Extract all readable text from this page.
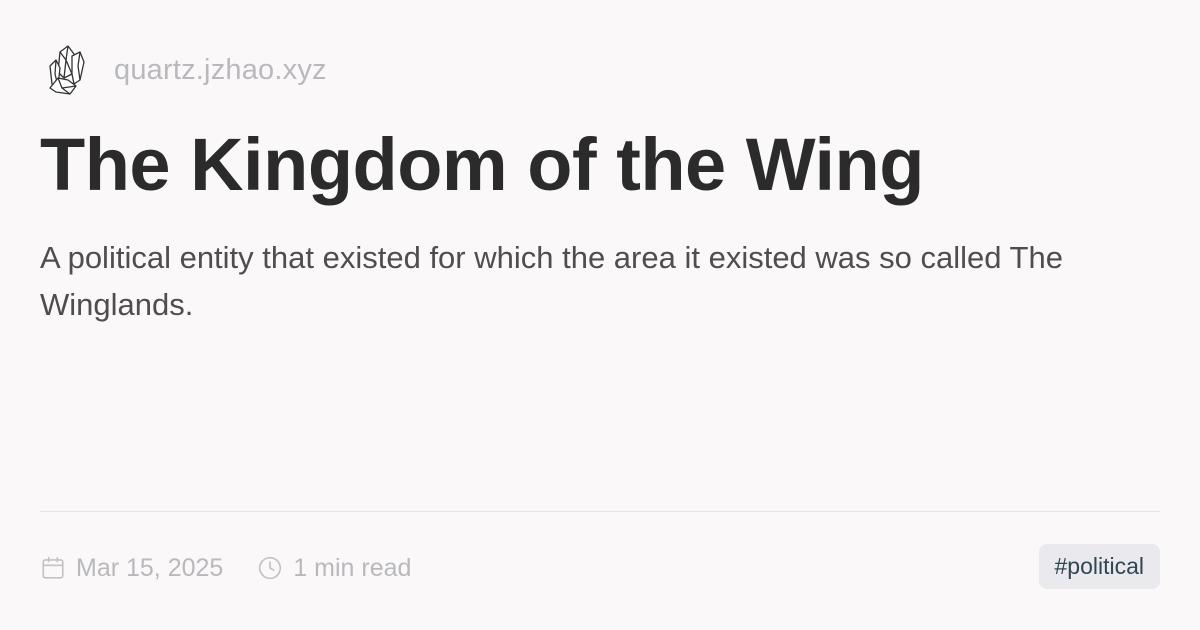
quartz.jzhao.xyz
The Kingdom of the Wing

A political entity that existed for which the area it existed was so called The Winglands.

Mar 15, 2025	1 min read	#political
